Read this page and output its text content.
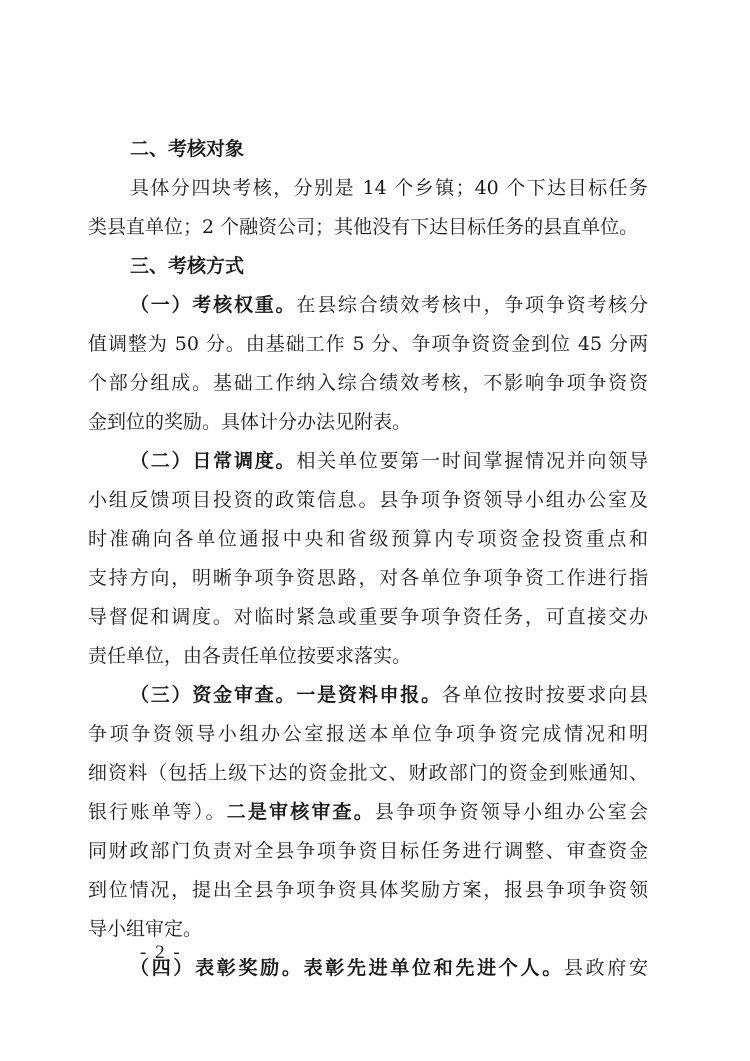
二、考核对象
具体分四块考核，分别是 14 个乡镇；40 个下达目标任务
类县直单位；2 个融资公司；其他没有下达目标任务的县直单位。
三、考核方式
（一）考核权重。在县综合绩效考核中，争项争资考核分
值调整为 50 分。由基础工作 5 分、争项争资资金到位 45 分两
个部分组成。基础工作纳入综合绩效考核，不影响争项争资资
金到位的奖励。具体计分办法见附表。
（二）日常调度。相关单位要第一时间掌握情况并向领导
小组反馈项目投资的政策信息。县争项争资领导小组办公室及
时准确向各单位通报中央和省级预算内专项资金投资重点和
支持方向，明晰争项争资思路，对各单位争项争资工作进行指
导督促和调度。对临时紧急或重要争项争资任务，可直接交办
责任单位，由各责任单位按要求落实。
（三）资金审查。一是资料申报。各单位按时按要求向县
争项争资领导小组办公室报送本单位争项争资完成情况和明
细资料（包括上级下达的资金批文、财政部门的资金到账通知、
银行账单等）。二是审核审查。县争项争资领导小组办公室会
同财政部门负责对全县争项争资目标任务进行调整、审查资金
到位情况，提出全县争项争资具体奖励方案，报县争项争资领
导小组审定。
（四）表彰奖励。表彰先进单位和先进个人。县政府安
- 2 -
